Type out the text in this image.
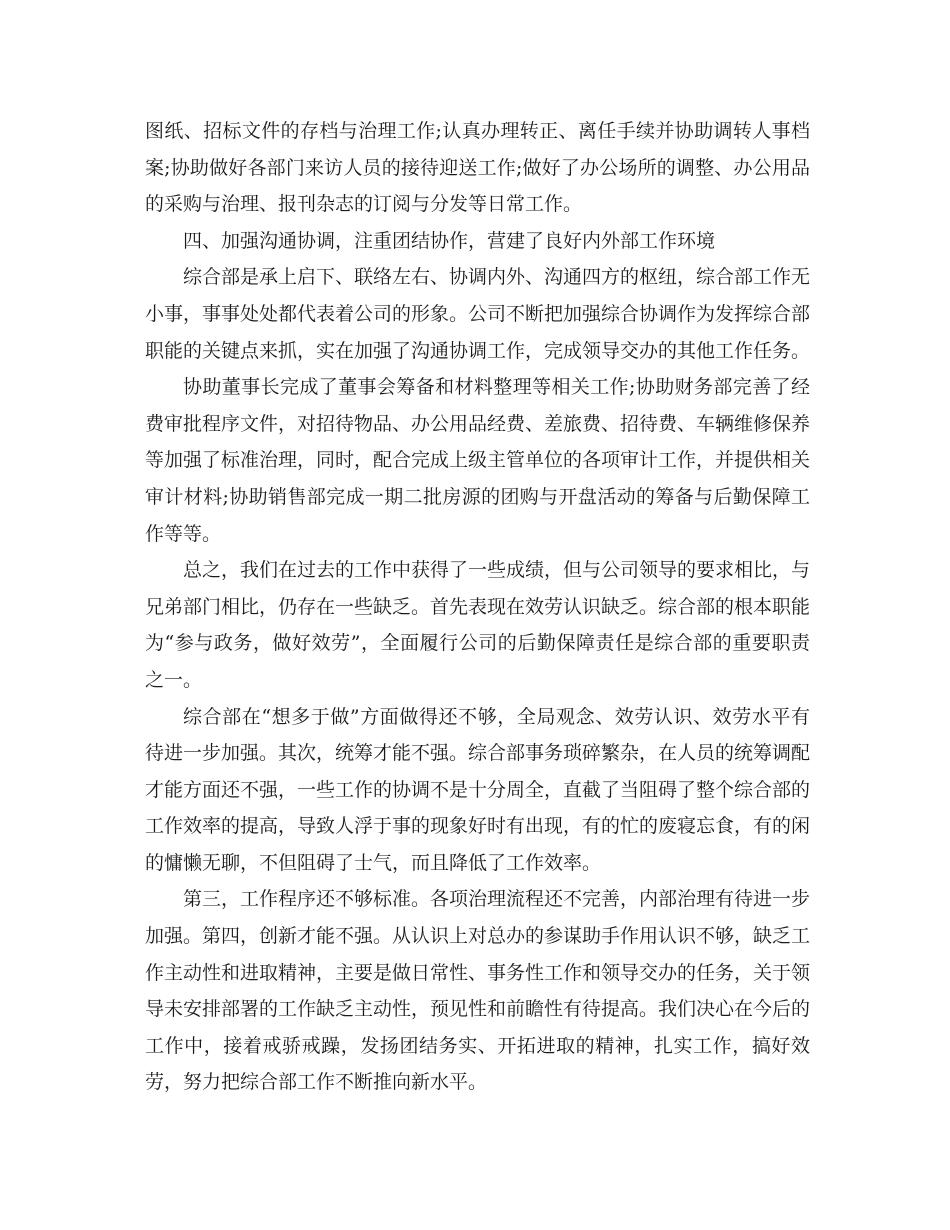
图纸、招标文件的存档与治理工作;认真办理转正、离任手续并协助调转人事档案;协助做好各部门来访人员的接待迎送工作;做好了办公场所的调整、办公用品的采购与治理、报刊杂志的订阅与分发等日常工作。

四、加强沟通协调，注重团结协作，营建了良好内外部工作环境

综合部是承上启下、联络左右、协调内外、沟通四方的枢纽，综合部工作无小事，事事处处都代表着公司的形象。公司不断把加强综合协调作为发挥综合部职能的关键点来抓，实在加强了沟通协调工作，完成领导交办的其他工作任务。

协助董事长完成了董事会筹备和材料整理等相关工作;协助财务部完善了经费审批程序文件，对招待物品、办公用品经费、差旅费、招待费、车辆维修保养等加强了标准治理，同时，配合完成上级主管单位的各项审计工作，并提供相关审计材料;协助销售部完成一期二批房源的团购与开盘活动的筹备与后勤保障工作等等。

总之，我们在过去的工作中获得了一些成绩，但与公司领导的要求相比，与兄弟部门相比，仍存在一些缺乏。首先表现在效劳认识缺乏。综合部的根本职能为“参与政务，做好效劳”，全面履行公司的后勤保障责任是综合部的重要职责之一。

综合部在“想多于做”方面做得还不够，全局观念、效劳认识、效劳水平有待进一步加强。其次，统筹才能不强。综合部事务琐碎繁杂，在人员的统筹调配才能方面还不强，一些工作的协调不是十分周全，直截了当阻碍了整个综合部的工作效率的提高，导致人浮于事的现象好时有出现，有的忙的废寝忘食，有的闲的慵懒无聊，不但阻碍了士气，而且降低了工作效率。

第三，工作程序还不够标准。各项治理流程还不完善，内部治理有待进一步加强。第四，创新才能不强。从认识上对总办的参谋助手作用认识不够，缺乏工作主动性和进取精神，主要是做日常性、事务性工作和领导交办的任务，关于领导未安排部署的工作缺乏主动性，预见性和前瞻性有待提高。我们决心在今后的工作中，接着戒骄戒躁，发扬团结务实、开拓进取的精神，扎实工作，搞好效劳，努力把综合部工作不断推向新水平。
